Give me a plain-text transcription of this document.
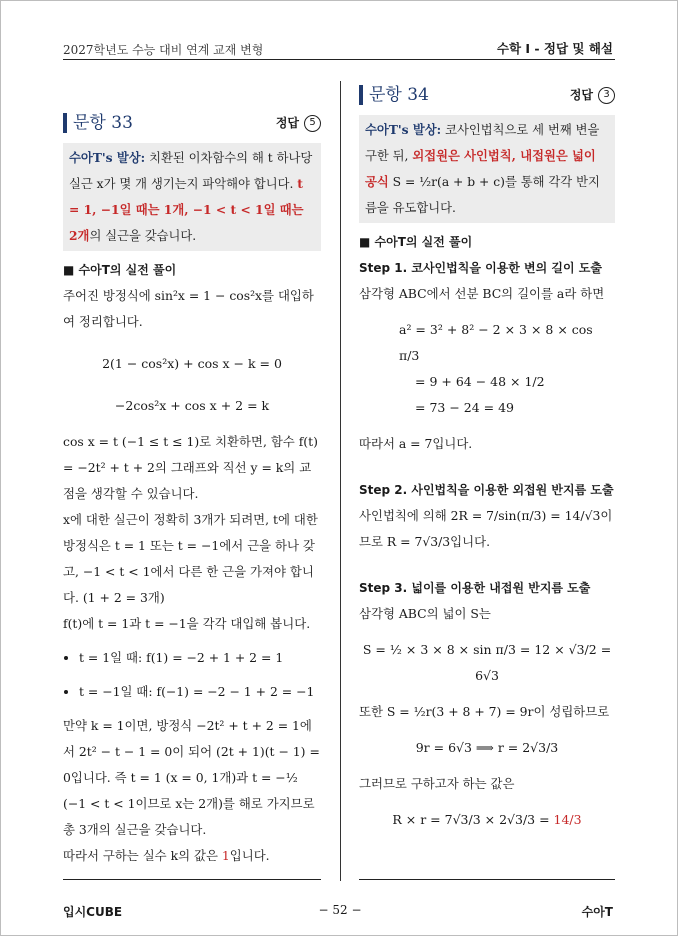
2027학년도 수능 대비 연계 교재 변형	수학 I - 정답 및 해설
문항 33	정답	5
수아T's 발상: 치환된 이차함수의 해 t 하나당 실근 x가 몇 개 생기는지 파악해야 합니다. t = 1, −1일 때는 1개, −1 < t < 1일 때는 2개의 실근을 갖습니다.
■ 수아T의 실전 풀이
주어진 방정식에 sin²x = 1 − cos²x를 대입하여 정리합니다.
2(1 − cos²x) + cos x − k = 0
−2cos²x + cos x + 2 = k
cos x = t (−1 ≤ t ≤ 1)로 치환하면, 함수 f(t) = −2t² + t + 2의 그래프와 직선 y = k의 교점을 생각할 수 있습니다.
x에 대한 실근이 정확히 3개가 되려면, t에 대한 방정식은 t = 1 또는 t = −1에서 근을 하나 갖고, −1 < t < 1에서 다른 한 근을 가져야 합니다. (1 + 2 = 3개)
f(t)에 t = 1과 t = −1을 각각 대입해 봅니다.
• t = 1일 때: f(1) = −2 + 1 + 2 = 1
• t = −1일 때: f(−1) = −2 − 1 + 2 = −1
만약 k = 1이면, 방정식 −2t² + t + 2 = 1에서 2t² − t − 1 = 0이 되어 (2t + 1)(t − 1) = 0입니다. 즉 t = 1 (x = 0, 1개)과 t = −½ (−1 < t < 1이므로 x는 2개)를 해로 가지므로 총 3개의 실근을 갖습니다.
따라서 구하는 실수 k의 값은 1입니다.
문항 34	정답	3
수아T's 발상: 코사인법칙으로 세 번째 변을 구한 뒤, 외접원은 사인법칙, 내접원은 넓이 공식 S = ½r(a + b + c)를 통해 각각 반지름을 유도합니다.
■ 수아T의 실전 풀이
Step 1. 코사인법칙을 이용한 변의 길이 도출
삼각형 ABC에서 선분 BC의 길이를 a라 하면
a² = 3² + 8² − 2 × 3 × 8 × cos π/3
= 9 + 64 − 48 × 1/2
= 73 − 24 = 49
따라서 a = 7입니다.
Step 2. 사인법칙을 이용한 외접원 반지름 도출
사인법칙에 의해 2R = 7/sin(π/3) = 14/√3이므로 R = 7√3/3입니다.
Step 3. 넓이를 이용한 내접원 반지름 도출
삼각형 ABC의 넓이 S는
S = ½ × 3 × 8 × sin π/3 = 12 × √3/2 = 6√3
또한 S = ½r(3 + 8 + 7) = 9r이 성립하므로
9r = 6√3 ⟹ r = 2√3/3
그러므로 구하고자 하는 값은
R × r = 7√3/3 × 2√3/3 = 14/3
입시CUBE	− 52 −	수아T
